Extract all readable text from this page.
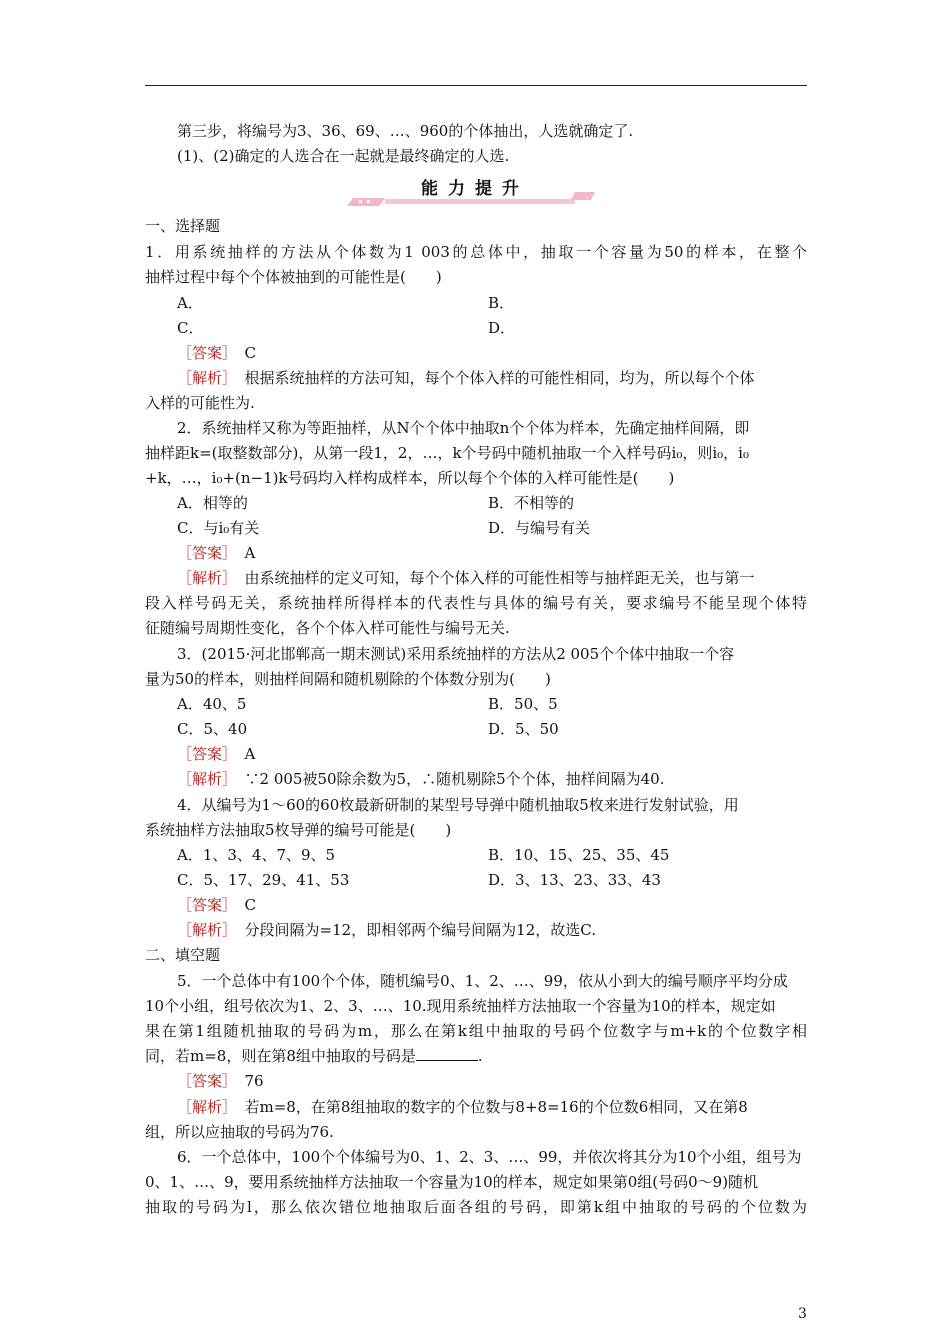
第三步，将编号为3、36、69、…、960的个体抽出，人选就确定了.
(1)、(2)确定的人选合在一起就是最终确定的人选.
能力提升
一、选择题
1．用系统抽样的方法从个体数为1 003的总体中，抽取一个容量为50的样本，在整个
抽样过程中每个个体被抽到的可能性是(　　)
A．	B．
C．	D．
［答案］　C
［解析］　根据系统抽样的方法可知，每个个体入样的可能性相同，均为，所以每个个体
入样的可能性为.
2．系统抽样又称为等距抽样，从N个个体中抽取n个个体为样本，先确定抽样间隔，即
抽样距k=(取整数部分)，从第一段1，2，…，k个号码中随机抽取一个入样号码i₀，则i₀，i₀
+k，…，i₀+(n−1)k号码均入样构成样本，所以每个个体的入样可能性是(　　)
A．相等的	B．不相等的
C．与i₀有关	D．与编号有关
［答案］　A
［解析］　由系统抽样的定义可知，每个个体入样的可能性相等与抽样距无关，也与第一
段入样号码无关，系统抽样所得样本的代表性与具体的编号有关，要求编号不能呈现个体特
征随编号周期性变化，各个个体入样可能性与编号无关.
3．(2015·河北邯郸高一期末测试)采用系统抽样的方法从2 005个个体中抽取一个容
量为50的样本，则抽样间隔和随机剔除的个体数分别为(　　)
A．40、5	B．50、5
C．5、40	D．5、50
［答案］　A
［解析］　∵2 005被50除余数为5，∴随机剔除5个个体，抽样间隔为40.
4．从编号为1～60的60枚最新研制的某型号导弹中随机抽取5枚来进行发射试验，用
系统抽样方法抽取5枚导弹的编号可能是(　　)
A．1、3、4、7、9、5	B．10、15、25、35、45
C．5、17、29、41、53	D．3、13、23、33、43
［答案］　C
［解析］　分段间隔为=12，即相邻两个编号间隔为12，故选C.
二、填空题
5．一个总体中有100个个体，随机编号0、1、2、…、99，依从小到大的编号顺序平均分成
10个小组，组号依次为1、2、3、…、10.现用系统抽样方法抽取一个容量为10的样本，规定如
果在第1组随机抽取的号码为m，那么在第k组中抽取的号码个位数字与m+k的个位数字相
同，若m=8，则在第8组中抽取的号码是	.
［答案］　76
［解析］　若m=8，在第8组抽取的数字的个位数与8+8=16的个位数6相同，又在第8
组，所以应抽取的号码为76.
6．一个总体中，100个个体编号为0、1、2、3、…、99，并依次将其分为10个小组，组号为
0、1、…、9，要用系统抽样方法抽取一个容量为10的样本，规定如果第0组(号码0～9)随机
抽取的号码为l，那么依次错位地抽取后面各组的号码，即第k组中抽取的号码的个位数为
3
